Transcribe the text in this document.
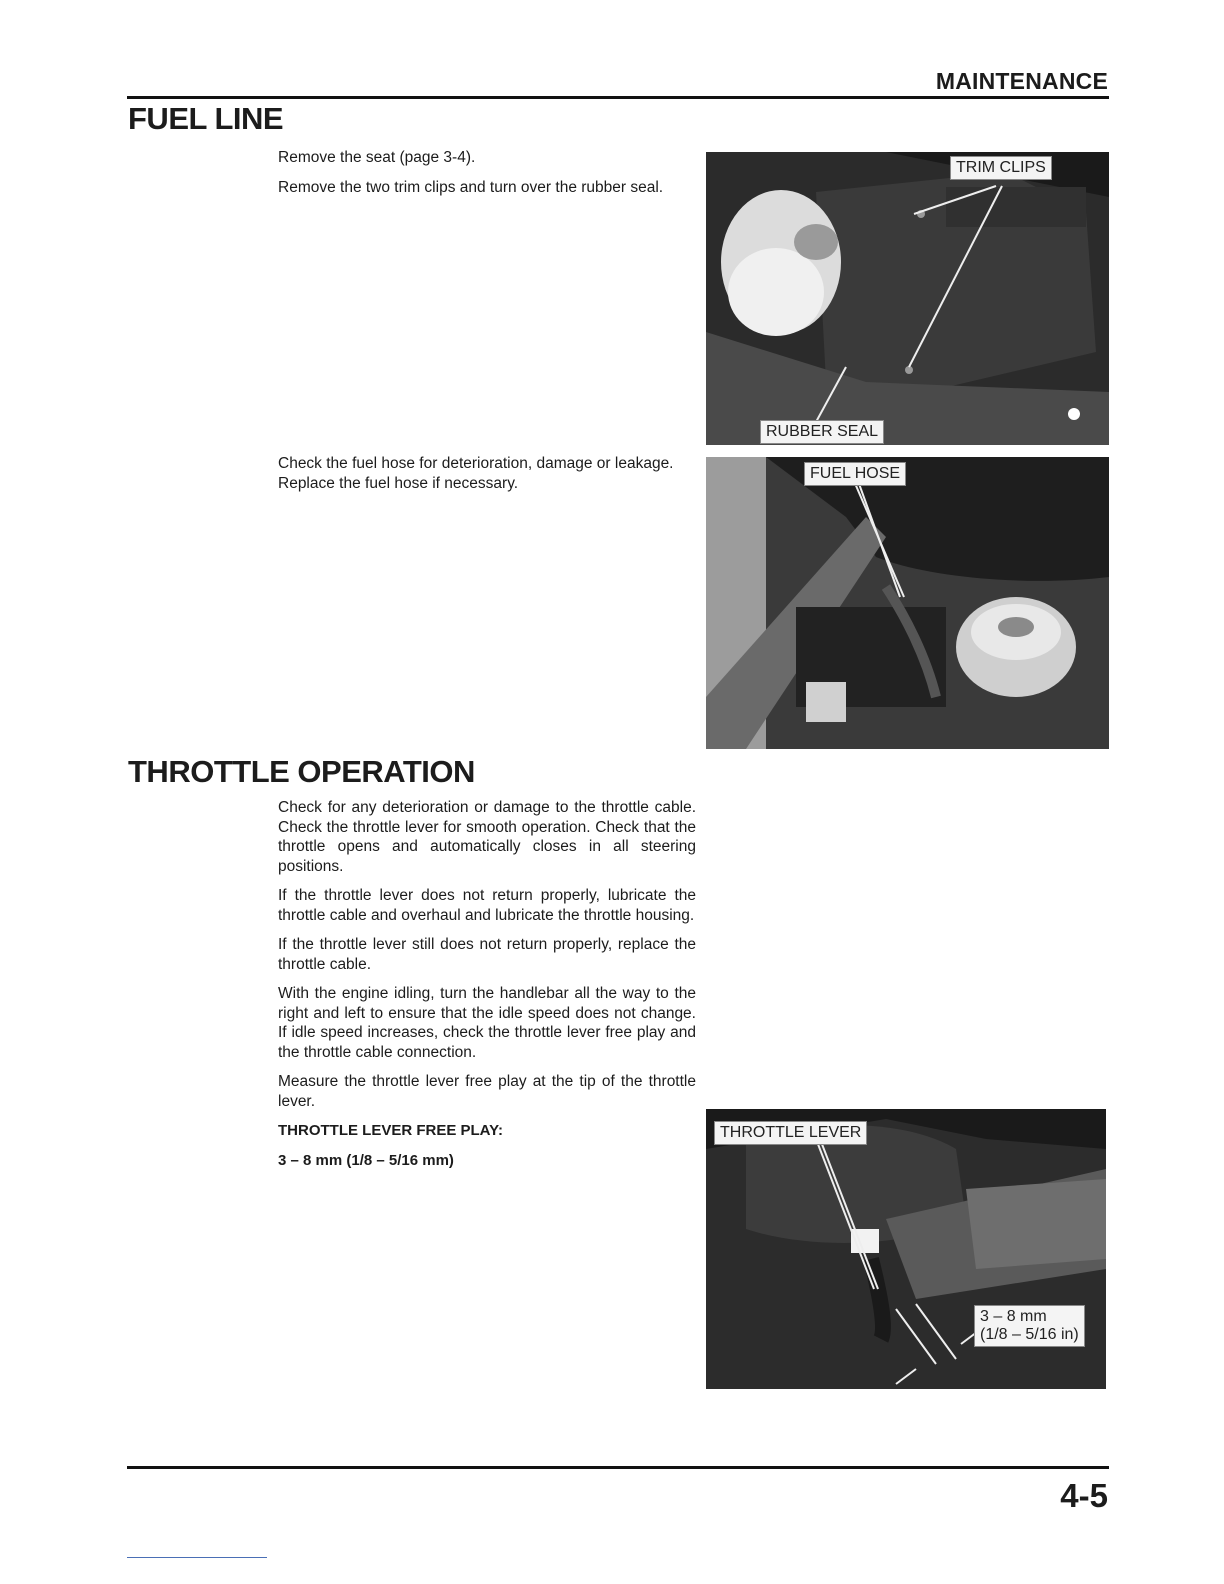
MAINTENANCE
FUEL LINE

Remove the seat (page 3-4).

Remove the two trim clips and turn over the rubber seal.

Check the fuel hose for deterioration, damage or leakage.

Replace the fuel hose if necessary.

TRIM CLIPS
RUBBER SEAL
FUEL HOSE
THROTTLE OPERATION

Check for any deterioration or damage to the throttle cable. Check the throttle lever for smooth operation. Check that the throttle opens and automatically closes in all steering positions.

If the throttle lever does not return properly, lubricate the throttle cable and overhaul and lubricate the throttle housing.

If the throttle lever still does not return properly, replace the throttle cable.

With the engine idling, turn the handlebar all the way to the right and left to ensure that the idle speed does not change. If idle speed increases, check the throttle lever free play and the throttle cable connection.

Measure the throttle lever free play at the tip of the throttle lever.

THROTTLE LEVER FREE PLAY:

3 – 8 mm (1/8 – 5/16 mm)

THROTTLE LEVER
3 – 8 mm
(1/8 – 5/16 in)
4-5
